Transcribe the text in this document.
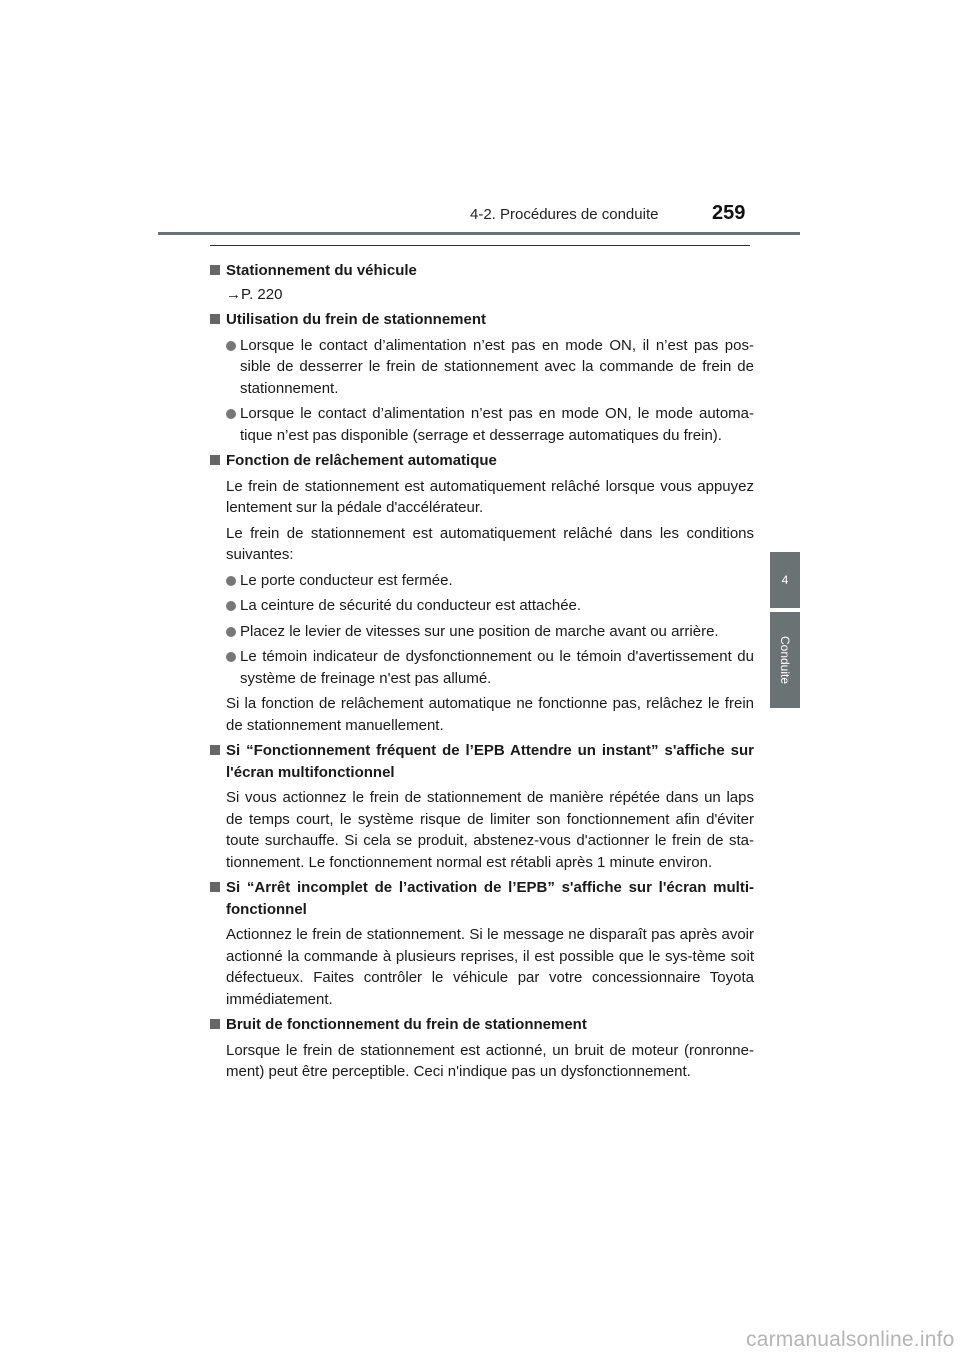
4-2. Procédures de conduite	259
4
Conduite
Stationnement du véhicule
→P. 220
Utilisation du frein de stationnement
Lorsque le contact d’alimentation n’est pas en mode ON, il n’est pas pos-sible de desserrer le frein de stationnement avec la commande de frein de stationnement.
Lorsque le contact d’alimentation n’est pas en mode ON, le mode automa-tique n’est pas disponible (serrage et desserrage automatiques du frein).
Fonction de relâchement automatique
Le frein de stationnement est automatiquement relâché lorsque vous appuyez lentement sur la pédale d'accélérateur.
Le frein de stationnement est automatiquement relâché dans les conditions suivantes:
Le porte conducteur est fermée.
La ceinture de sécurité du conducteur est attachée.
Placez le levier de vitesses sur une position de marche avant ou arrière.
Le témoin indicateur de dysfonctionnement ou le témoin d'avertissement du système de freinage n'est pas allumé.
Si la fonction de relâchement automatique ne fonctionne pas, relâchez le frein de stationnement manuellement.
Si “Fonctionnement fréquent de l’EPB Attendre un instant” s'affiche sur l'écran multifonctionnel
Si vous actionnez le frein de stationnement de manière répétée dans un laps de temps court, le système risque de limiter son fonctionnement afin d'éviter toute surchauffe. Si cela se produit, abstenez-vous d'actionner le frein de sta-tionnement. Le fonctionnement normal est rétabli après 1 minute environ.
Si “Arrêt incomplet de l’activation de l’EPB” s'affiche sur l'écran multi-fonctionnel
Actionnez le frein de stationnement. Si le message ne disparaît pas après avoir actionné la commande à plusieurs reprises, il est possible que le sys-tème soit défectueux. Faites contrôler le véhicule par votre concessionnaire Toyota immédiatement.
Bruit de fonctionnement du frein de stationnement
Lorsque le frein de stationnement est actionné, un bruit de moteur (ronronne-ment) peut être perceptible. Ceci n'indique pas un dysfonctionnement.
carmanualsonline.info
